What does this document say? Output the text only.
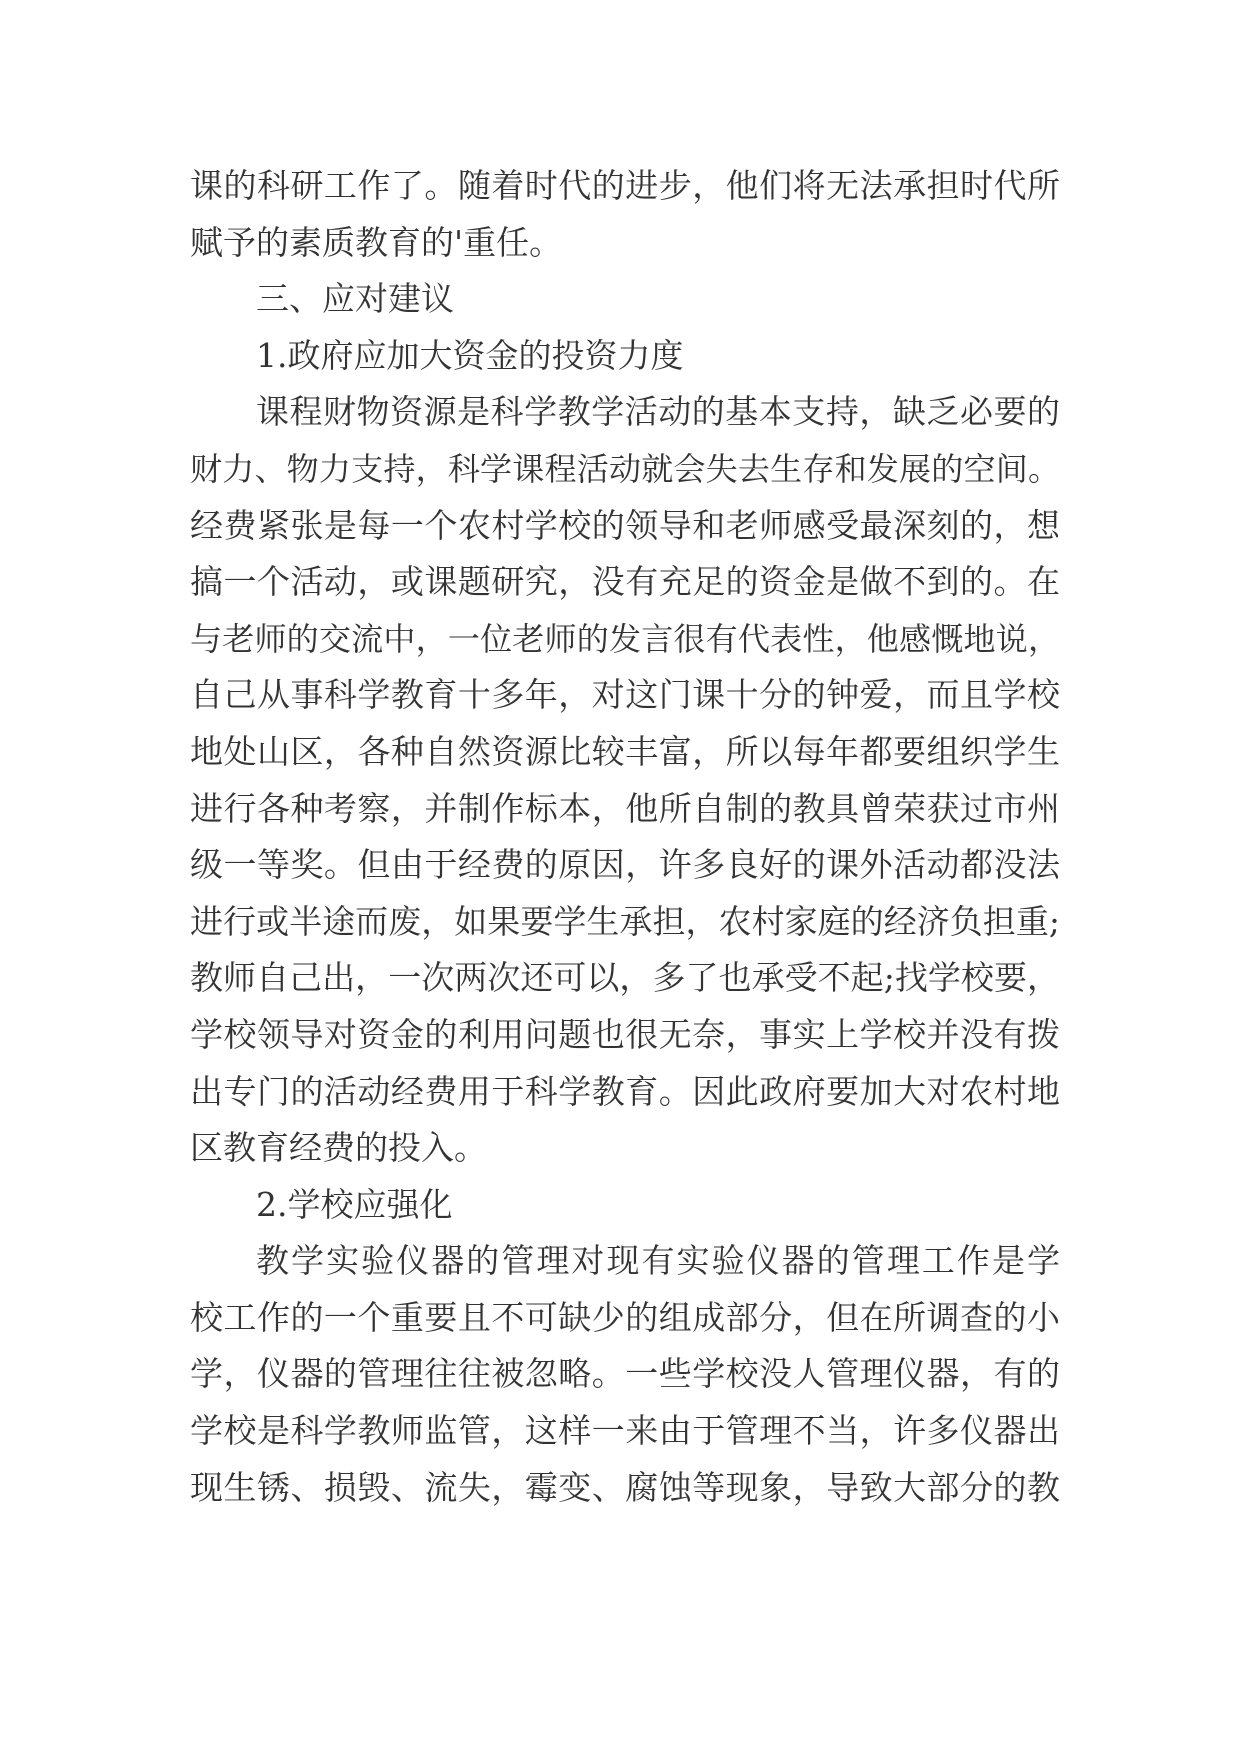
课的科研工作了。随着时代的进步，他们将无法承担时代所
赋予的素质教育的'重任。
三、应对建议
1.政府应加大资金的投资力度
课程财物资源是科学教学活动的基本支持，缺乏必要的
财力、物力支持，科学课程活动就会失去生存和发展的空间。
经费紧张是每一个农村学校的领导和老师感受最深刻的，想
搞一个活动，或课题研究，没有充足的资金是做不到的。在
与老师的交流中，一位老师的发言很有代表性，他感慨地说，
自己从事科学教育十多年，对这门课十分的钟爱，而且学校
地处山区，各种自然资源比较丰富，所以每年都要组织学生
进行各种考察，并制作标本，他所自制的教具曾荣获过市州
级一等奖。但由于经费的原因，许多良好的课外活动都没法
进行或半途而废，如果要学生承担，农村家庭的经济负担重;
教师自己出，一次两次还可以，多了也承受不起;找学校要，
学校领导对资金的利用问题也很无奈，事实上学校并没有拨
出专门的活动经费用于科学教育。因此政府要加大对农村地
区教育经费的投入。
2.学校应强化
教学实验仪器的管理对现有实验仪器的管理工作是学
校工作的一个重要且不可缺少的组成部分，但在所调查的小
学，仪器的管理往往被忽略。一些学校没人管理仪器，有的
学校是科学教师监管，这样一来由于管理不当，许多仪器出
现生锈、损毁、流失，霉变、腐蚀等现象，导致大部分的教
